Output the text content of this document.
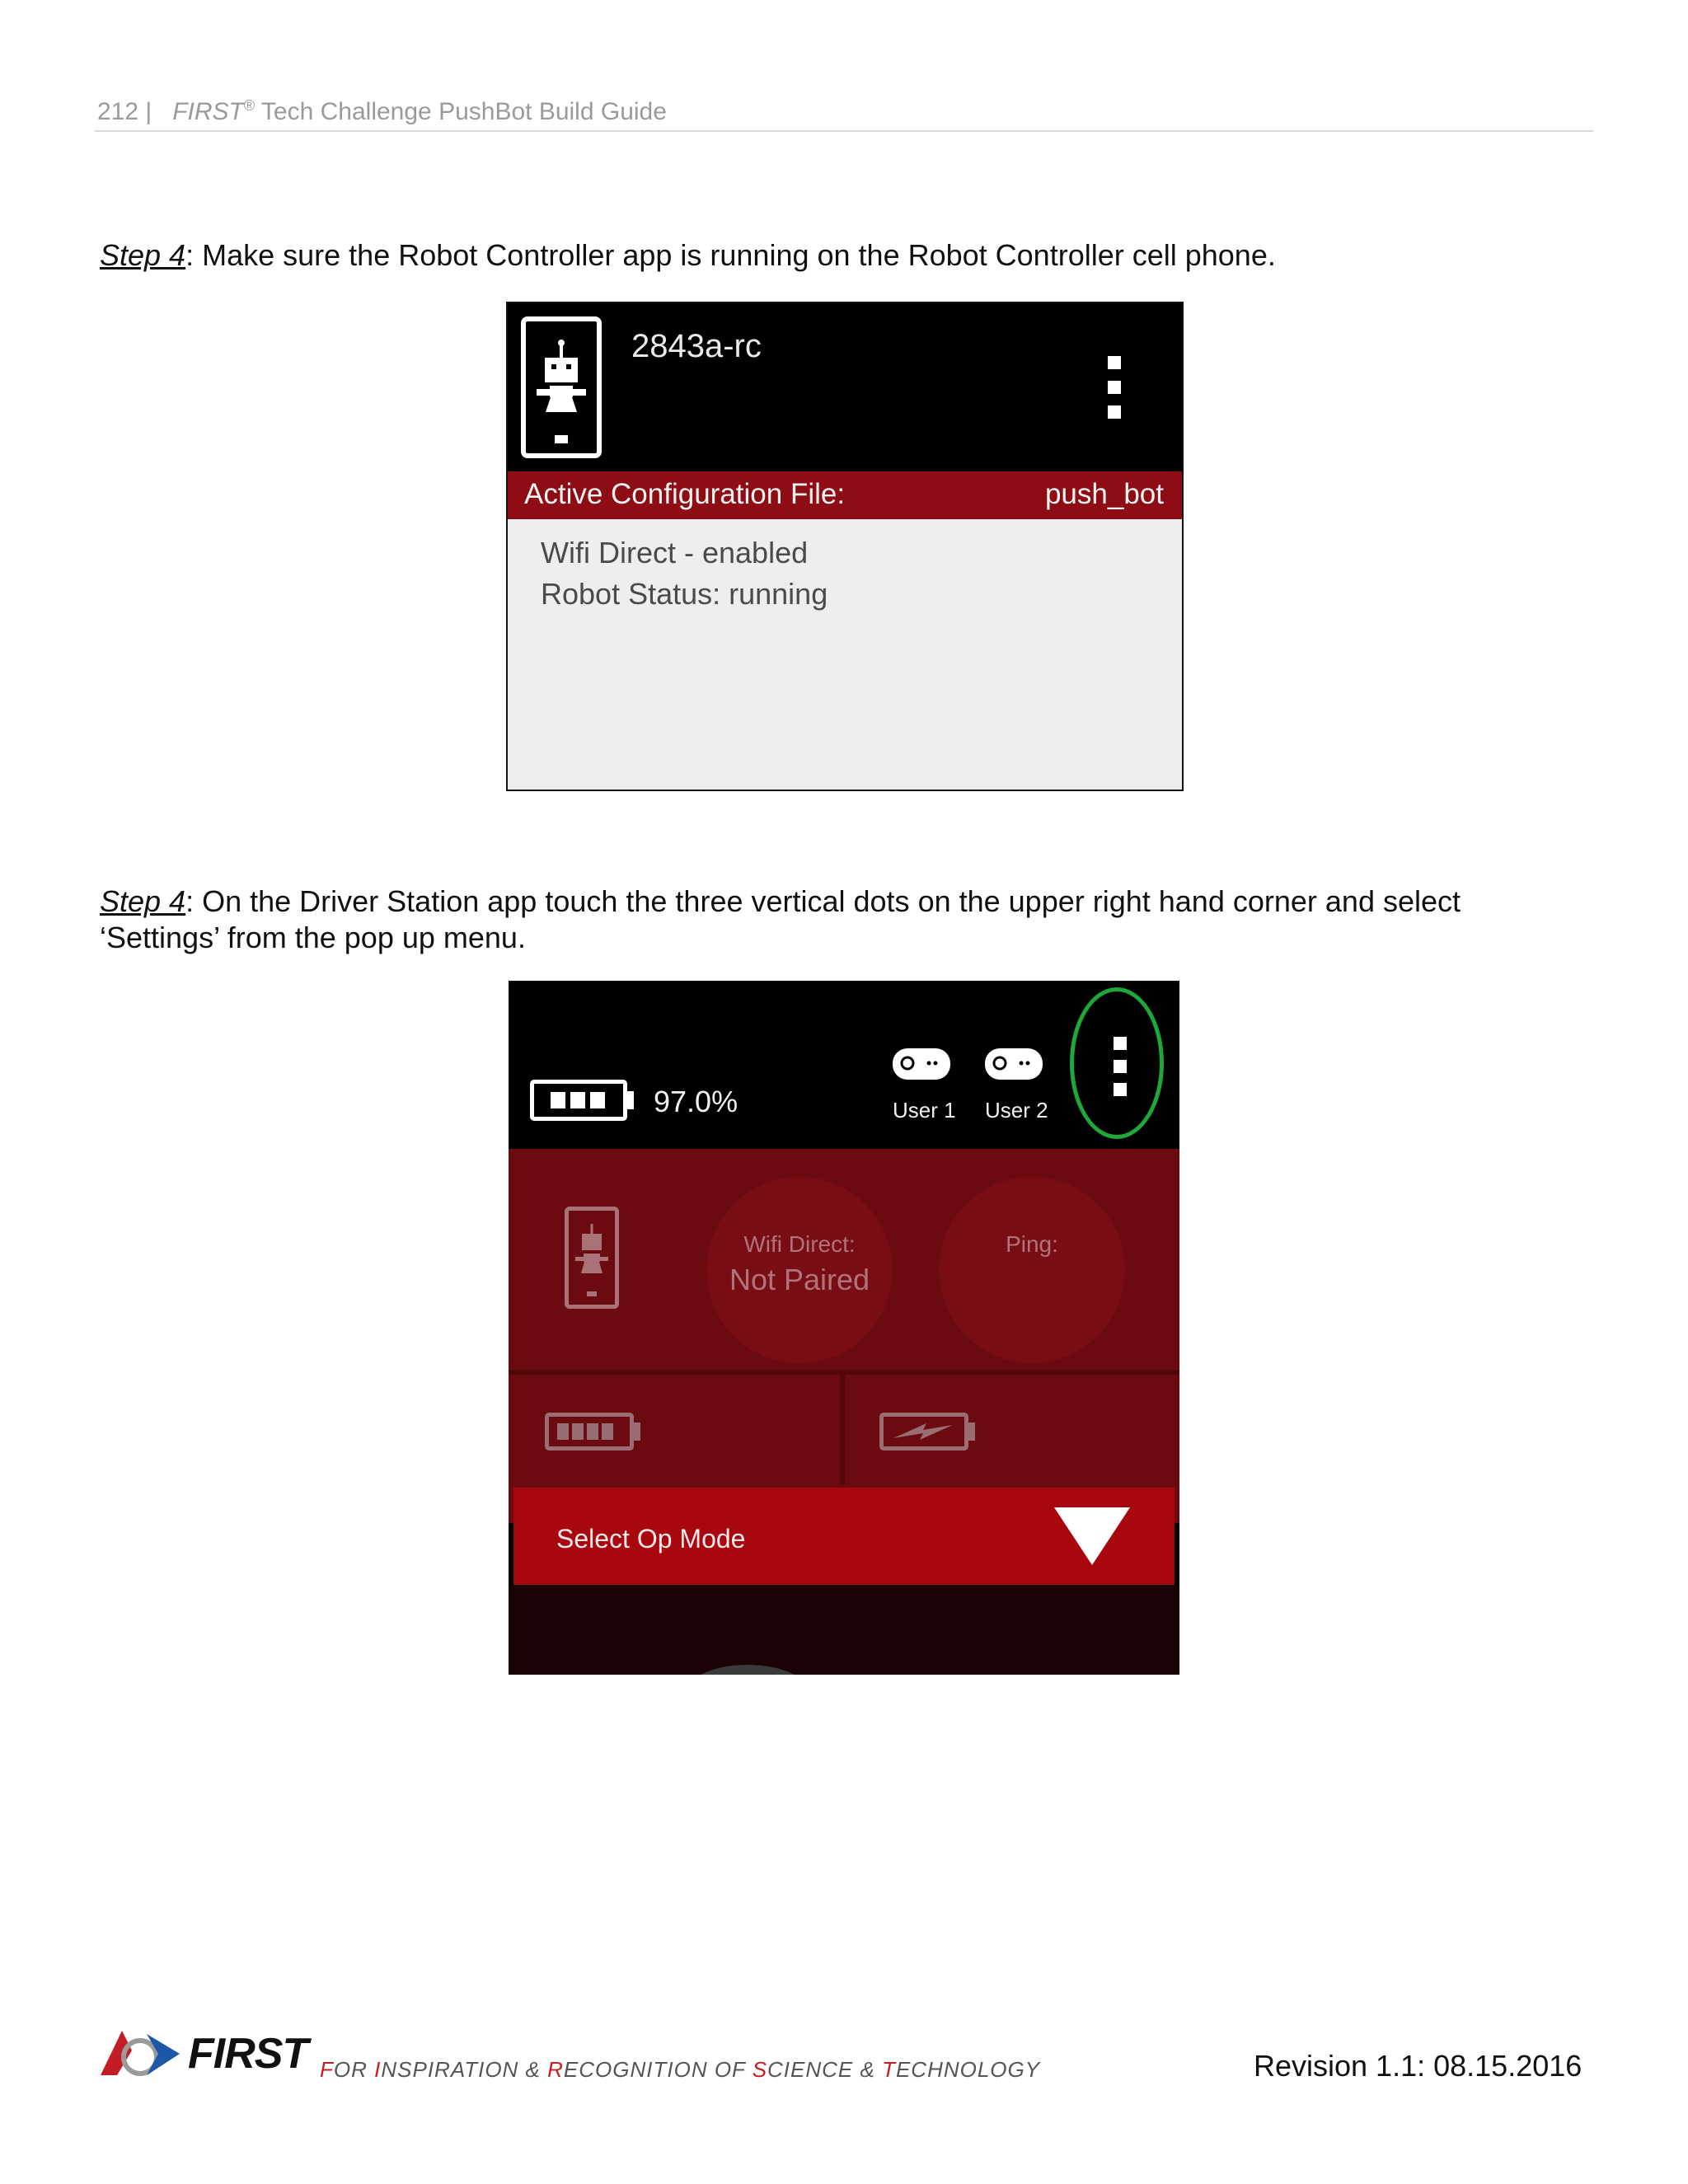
212 | FIRST® Tech Challenge PushBot Build Guide
Step 4: Make sure the Robot Controller app is running on the Robot Controller cell phone.
2843a-rc
Active Configuration File:	push_bot
Wifi Direct - enabled
Robot Status: running
Step 4: On the Driver Station app touch the three vertical dots on the upper right hand corner and select
‘Settings’ from the pop up menu.
97.0%	User 1 User 2
Wifi Direct:
Not Paired
Ping:
Select Op Mode
FIRST FOR INSPIRATION & RECOGNITION OF SCIENCE & TECHNOLOGY	Revision 1.1: 08.15.2016
